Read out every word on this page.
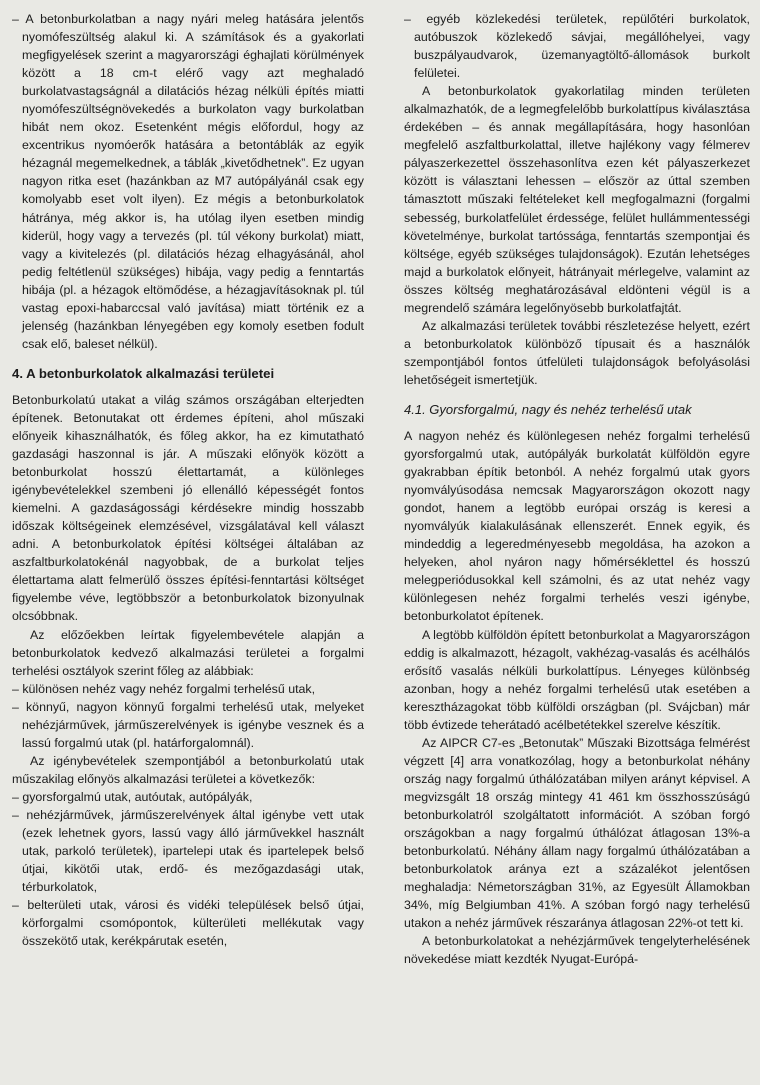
– A betonburkolatban a nagy nyári meleg hatására jelentős nyomófeszültség alakul ki. A számítások és a gyakorlati megfigyelések szerint a magyarországi éghajlati körülmények között a 18 cm-t elérő vagy azt meghaladó burkolatvastagságnál a dilatációs hézag nélküli építés miatti nyomófeszültségnövekedés a burkolaton vagy burkolatban hibát nem okoz. Esetenként mégis előfordul, hogy az excentrikus nyomóerők hatására a betontáblák az egyik hézagnál megemelkednek, a táblák „kivetődhetnek”. Ez ugyan nagyon ritka eset (hazánkban az M7 autópályánál csak egy komolyabb eset volt ilyen). Ez mégis a betonburkolatok hátránya, még akkor is, ha utólag ilyen esetben mindig kiderül, hogy vagy a tervezés (pl. túl vékony burkolat) miatt, vagy a kivitelezés (pl. dilatációs hézag elhagyásánál, ahol pedig feltétlenül szükséges) hibája, vagy pedig a fenntartás hibája (pl. a hézagok eltömődése, a hézagjavításoknak pl. túl vastag epoxi-habarccsal való javítása) miatt történik ez a jelenség (hazánkban lényegében egy komoly esetben fodult csak elő, baleset nélkül).

4. A betonburkolatok alkalmazási területei

Betonburkolatú utakat a világ számos országában elterjedten építenek. Betonutakat ott érdemes építeni, ahol műszaki előnyeik kihasználhatók, és főleg akkor, ha ez kimutatható gazdasági haszonnal is jár. A műszaki előnyök között a betonburkolat hosszú élettartamát, a különleges igénybevételekkel szembeni jó ellenálló képességét fontos kiemelni. A gazdaságossági kérdésekre mindig hosszabb időszak költségeinek elemzésével, vizsgálatával kell választ adni. A betonburkolatok építési költségei általában az aszfaltburkolatokénál nagyobbak, de a burkolat teljes élettartama alatt felmerülő összes építési-fenntartási költséget figyelembe véve, legtöbbször a betonburkolatok bizonyulnak olcsóbbnak.

Az előzőekben leírtak figyelembevétele alapján a betonburkolatok kedvező alkalmazási területei a forgalmi terhelési osztályok szerint főleg az alábbiak:

– különösen nehéz vagy nehéz forgalmi terhelésű utak,

– könnyű, nagyon könnyű forgalmi terhelésű utak, melyeket nehézjárművek, járműszerelvények is igénybe vesznek és a lassú forgalmú utak (pl. határforgalomnál).

Az igénybevételek szempontjából a betonburkolatú utak műszakilag előnyös alkalmazási területei a következők:

– gyorsforgalmú utak, autóutak, autópályák,

– nehézjárművek, járműszerelvények által igénybe vett utak (ezek lehetnek gyors, lassú vagy álló járművekkel használt utak, parkoló területek), ipartelepi utak és ipartelepek belső útjai, kikötői utak, erdő- és mezőgazdasági utak, térburkolatok,

– belterületi utak, városi és vidéki települések belső útjai, körforgalmi csomópontok, külterületi mellékutak vagy összekötő utak, kerékpárutak esetén,

– egyéb közlekedési területek, repülőtéri burkolatok, autóbuszok közlekedő sávjai, megállóhelyei, vagy buszpályaudvarok, üzemanyagtöltő-állomások burkolt felületei.

A betonburkolatok gyakorlatilag minden területen alkalmazhatók, de a legmegfelelőbb burkolattípus kiválasztása érdekében – és annak megállapítására, hogy hasonlóan megfelelő aszfaltburkolattal, illetve hajlékony vagy félmerev pályaszerkezettel összehasonlítva ezen két pályaszerkezet között is választani lehessen – először az úttal szemben támasztott műszaki feltételeket kell megfogalmazni (forgalmi sebesség, burkolatfelület érdessége, felület hullámmentességi követelménye, burkolat tartóssága, fenntartás szempontjai és költsége, egyéb szükséges tulajdonságok). Ezután lehetséges majd a burkolatok előnyeit, hátrányait mérlegelve, valamint az összes költség meghatározásával eldönteni végül is a megrendelő számára legelőnyösebb burkolatfajtát.

Az alkalmazási területek további részletezése helyett, ezért a betonburkolatok különböző típusait és a használók szempontjából fontos útfelületi tulajdonságok befolyásolási lehetőségeit ismertetjük.

4.1. Gyorsforgalmú, nagy és nehéz terhelésű utak

A nagyon nehéz és különlegesen nehéz forgalmi terhelésű gyorsforgalmú utak, autópályák burkolatát külföldön egyre gyakrabban építik betonból. A nehéz forgalmú utak gyors nyomvályúsodása nemcsak Magyarországon okozott nagy gondot, hanem a legtöbb európai ország is keresi a nyomvályúk kialakulásának ellenszerét. Ennek egyik, és mindeddig a legeredményesebb megoldása, ha azokon a helyeken, ahol nyáron nagy hőmérséklettel és hosszú melegperiódusokkal kell számolni, és az utat nehéz vagy különlegesen nehéz forgalmi terhelés veszi igénybe, betonburkolatot építenek.

A legtöbb külföldön épített betonburkolat a Magyarországon eddig is alkalmazott, hézagolt, vakhézag-vasalás és acélhálós erősítő vasalás nélküli burkolattípus. Lényeges különbség azonban, hogy a nehéz forgalmi terhelésű utak esetében a keresztházagokat több külföldi országban (pl. Svájcban) már több évtizede teherátadó acélbetétekkel szerelve készítik.

Az AIPCR C7-es „Betonutak” Műszaki Bizottsága felmérést végzett [4] arra vonatkozólag, hogy a betonburkolat néhány ország nagy forgalmú úthálózatában milyen arányt képvisel. A megvizsgált 18 ország mintegy 41 461 km összhosszúságú betonburkolatról szolgáltatott információt. A szóban forgó országokban a nagy forgalmú úthálózat átlagosan 13%-a betonburkolatú. Néhány állam nagy forgalmú úthálózatában a betonburkolatok aránya ezt a százalékot jelentősen meghaladja: Németországban 31%, az Egyesült Államokban 34%, míg Belgiumban 41%. A szóban forgó nagy terhelésű utakon a nehéz járművek részaránya átlagosan 22%-ot tett ki.

A betonburkolatokat a nehézjárművek tengelyterhelésének növekedése miatt kezdték Nyugat-Európá-
